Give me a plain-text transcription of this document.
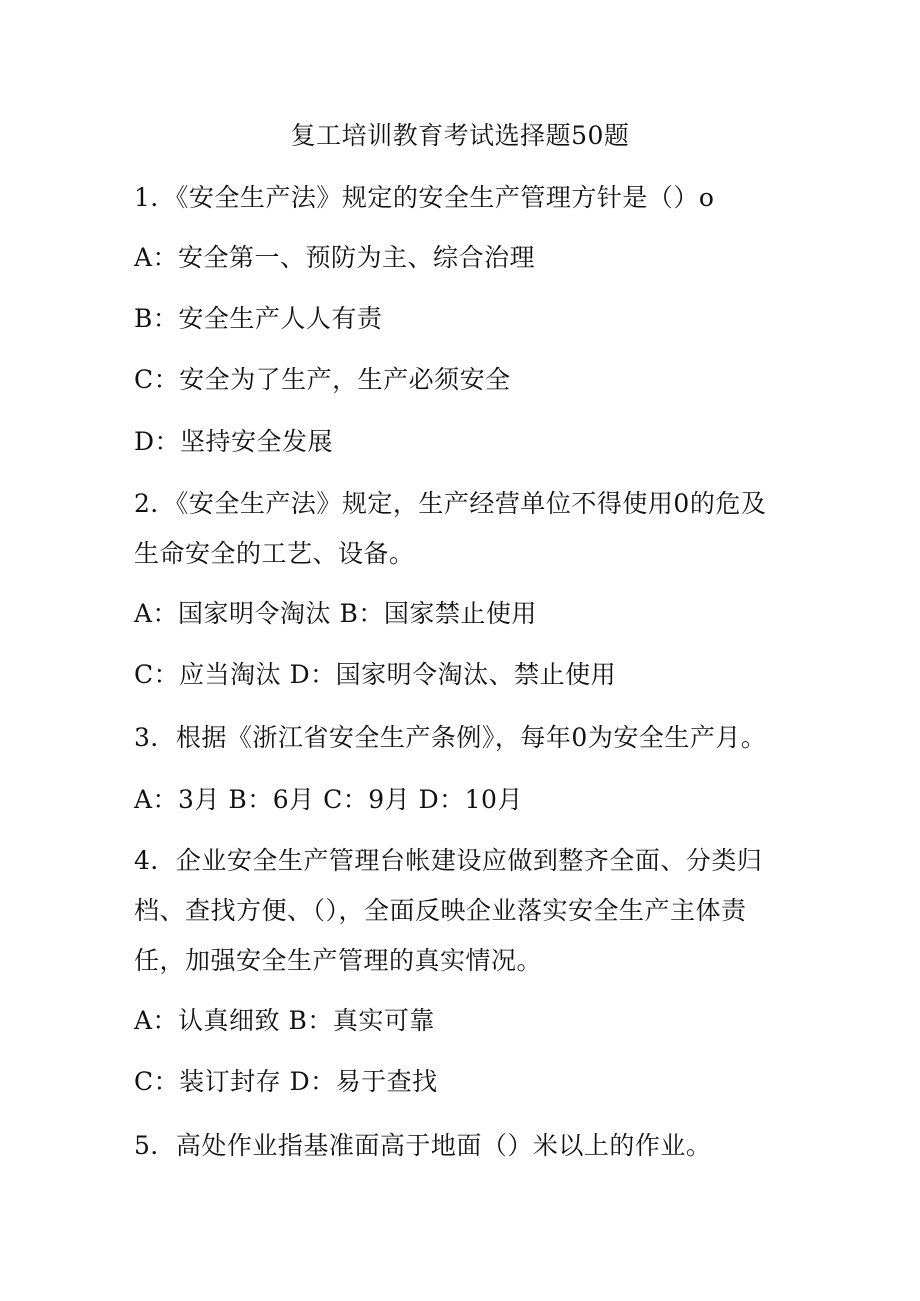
复工培训教育考试选择题50题
1．《安全生产法》规定的安全生产管理方针是（）o
A：安全第一、预防为主、综合治理
B：安全生产人人有责
C：安全为了生产，生产必须安全
D：坚持安全发展
2．《安全生产法》规定，生产经营单位不得使用0的危及
生命安全的工艺、设备。
A：国家明令淘汰 B：国家禁止使用
C：应当淘汰 D：国家明令淘汰、禁止使用
3．根据《浙江省安全生产条例》，每年0为安全生产月。
A：3月 B：6月 C：9月 D：10月
4．企业安全生产管理台帐建设应做到整齐全面、分类归
档、查找方便、（），全面反映企业落实安全生产主体责
任，加强安全生产管理的真实情况。
A：认真细致 B：真实可靠
C：装订封存 D：易于查找
5．高处作业指基准面高于地面（）米以上的作业。
